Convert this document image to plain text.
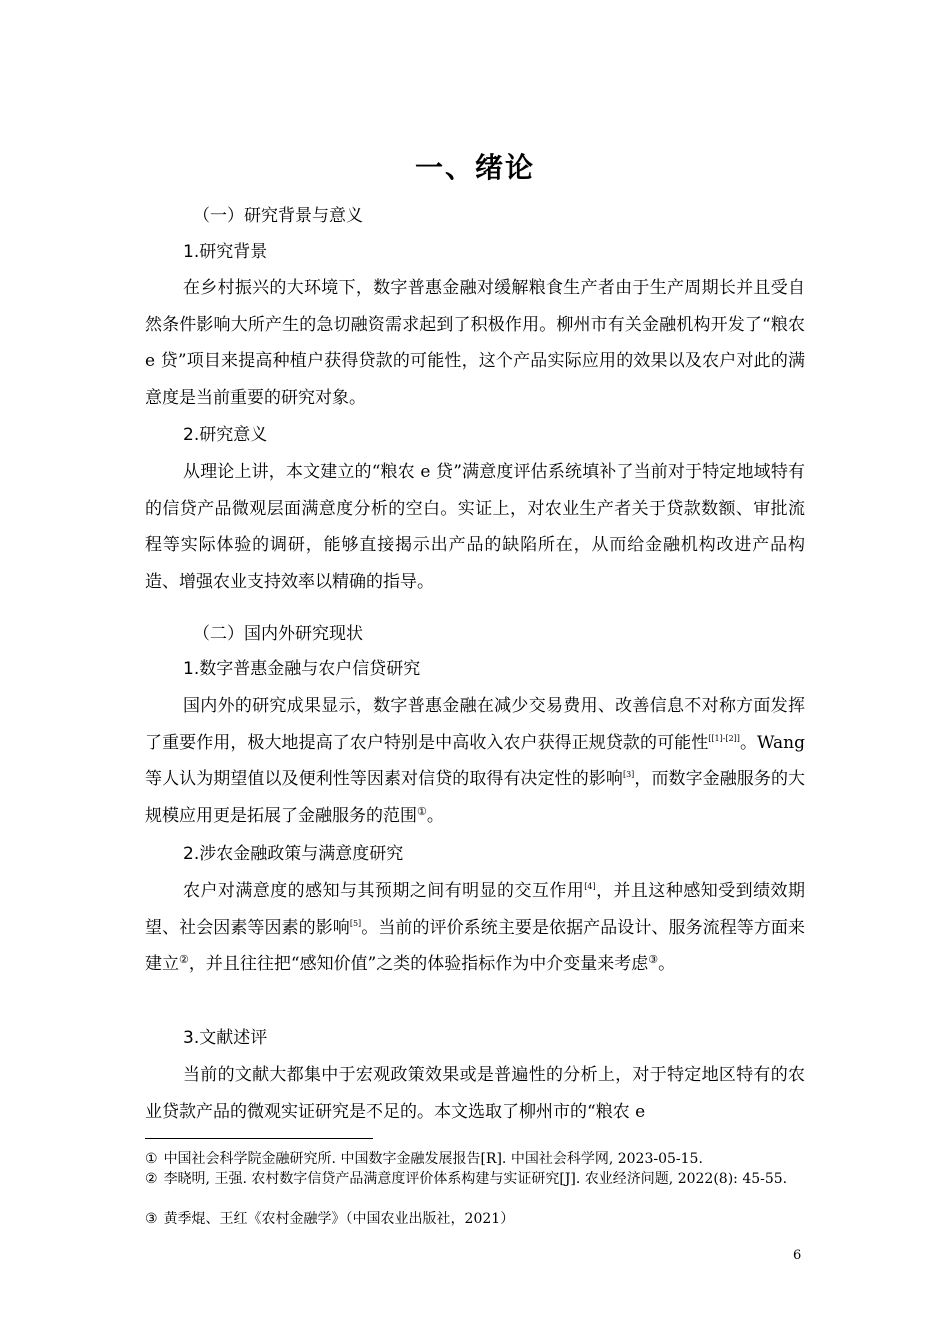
一、绪论

（一）研究背景与意义

1.研究背景

在乡村振兴的大环境下，数字普惠金融对缓解粮食生产者由于生产周期长并且受自然条件影响大所产生的急切融资需求起到了积极作用。柳州市有关金融机构开发了“粮农 e 贷”项目来提高种植户获得贷款的可能性，这个产品实际应用的效果以及农户对此的满意度是当前重要的研究对象。

2.研究意义

从理论上讲，本文建立的“粮农 e 贷”满意度评估系统填补了当前对于特定地域特有的信贷产品微观层面满意度分析的空白。实证上，对农业生产者关于贷款数额、审批流程等实际体验的调研，能够直接揭示出产品的缺陷所在，从而给金融机构改进产品构造、增强农业支持效率以精确的指导。

（二）国内外研究现状

1.数字普惠金融与农户信贷研究

国内外的研究成果显示，数字普惠金融在减少交易费用、改善信息不对称方面发挥了重要作用，极大地提高了农户特别是中高收入农户获得正规贷款的可能性[[1]-[2]]。Wang 等人认为期望值以及便利性等因素对信贷的取得有决定性的影响[3]，而数字金融服务的大规模应用更是拓展了金融服务的范围①。

2.涉农金融政策与满意度研究

农户对满意度的感知与其预期之间有明显的交互作用[4]，并且这种感知受到绩效期望、社会因素等因素的影响[5]。当前的评价系统主要是依据产品设计、服务流程等方面来建立②，并且往往把“感知价值”之类的体验指标作为中介变量来考虑③。

3.文献述评

当前的文献大都集中于宏观政策效果或是普遍性的分析上，对于特定地区特有的农业贷款产品的微观实证研究是不足的。本文选取了柳州市的“粮农 e

① 中国社会科学院金融研究所. 中国数字金融发展报告[R]. 中国社会科学网, 2023-05-15.

② 李晓明, 王强. 农村数字信贷产品满意度评价体系构建与实证研究[J]. 农业经济问题, 2022(8): 45-55.

③ 黄季焜、王红《农村金融学》（中国农业出版社，2021）

6
